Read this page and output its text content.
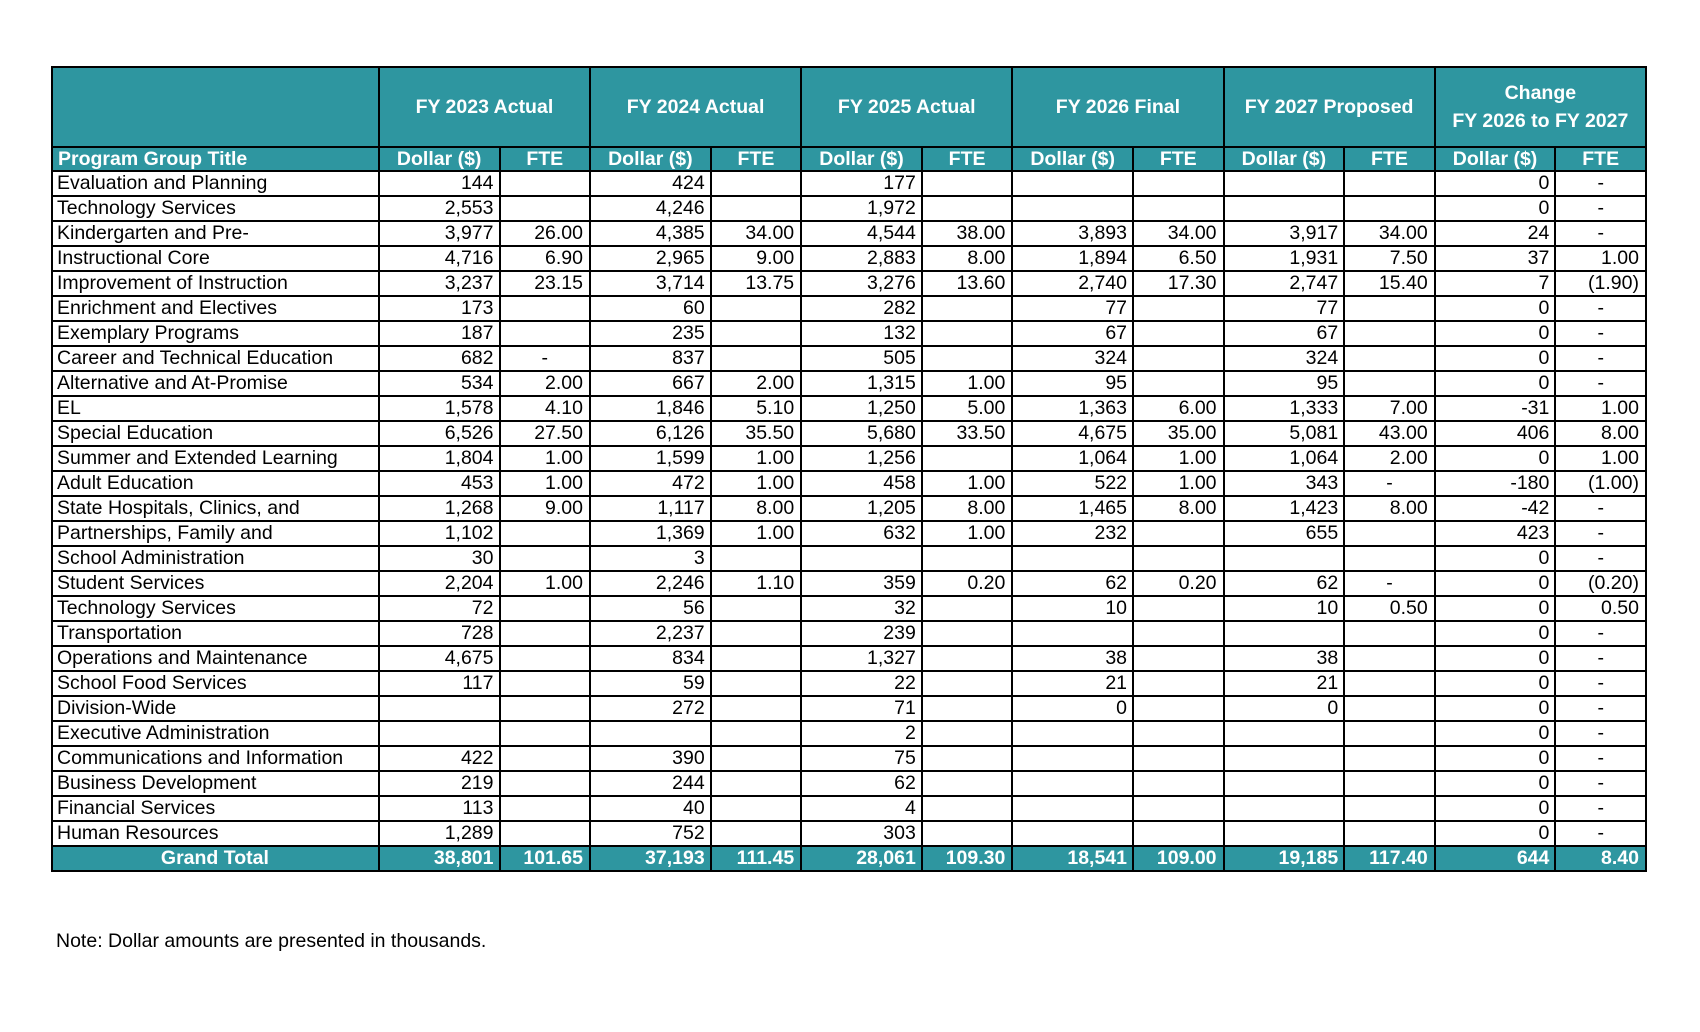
	FY 2023 Actual		FY 2024 Actual		FY 2025 Actual		FY 2026 Final		FY 2027 Proposed		Change
FY 2026 to FY 2027	
Program Group Title	Dollar ($)	FTE	Dollar ($)	FTE	Dollar ($)	FTE	Dollar ($)	FTE	Dollar ($)	FTE	Dollar ($)	FTE
Evaluation and Planning	144		424		177						0	-
Technology Services	2,553		4,246		1,972						0	-
Kindergarten and Pre-	3,977	26.00	4,385	34.00	4,544	38.00	3,893	34.00	3,917	34.00	24	-
Instructional Core	4,716	6.90	2,965	9.00	2,883	8.00	1,894	6.50	1,931	7.50	37	1.00
Improvement of Instruction	3,237	23.15	3,714	13.75	3,276	13.60	2,740	17.30	2,747	15.40	7	(1.90)
Enrichment and Electives	173		60		282		77		77		0	-
Exemplary Programs	187		235		132		67		67		0	-
Career and Technical Education	682	-	837		505		324		324		0	-
Alternative and At-Promise	534	2.00	667	2.00	1,315	1.00	95		95		0	-
EL	1,578	4.10	1,846	5.10	1,250	5.00	1,363	6.00	1,333	7.00	-31	1.00
Special Education	6,526	27.50	6,126	35.50	5,680	33.50	4,675	35.00	5,081	43.00	406	8.00
Summer and Extended Learning	1,804	1.00	1,599	1.00	1,256		1,064	1.00	1,064	2.00	0	1.00
Adult Education	453	1.00	472	1.00	458	1.00	522	1.00	343	-	-180	(1.00)
State Hospitals, Clinics, and	1,268	9.00	1,117	8.00	1,205	8.00	1,465	8.00	1,423	8.00	-42	-
Partnerships, Family and	1,102		1,369	1.00	632	1.00	232		655		423	-
School Administration	30		3								0	-
Student Services	2,204	1.00	2,246	1.10	359	0.20	62	0.20	62	-	0	(0.20)
Technology Services	72		56		32		10		10	0.50	0	0.50
Transportation	728		2,237		239						0	-
Operations and Maintenance	4,675		834		1,327		38		38		0	-
School Food Services	117		59		22		21		21		0	-
Division-Wide			272		71		0		0		0	-
Executive Administration					2						0	-
Communications and Information	422		390		75						0	-
Business Development	219		244		62						0	-
Financial Services	113		40		4						0	-
Human Resources	1,289		752		303						0	-
Grand Total	38,801	101.65	37,193	111.45	28,061	109.30	18,541	109.00	19,185	117.40	644	8.40
Note: Dollar amounts are presented in thousands.
